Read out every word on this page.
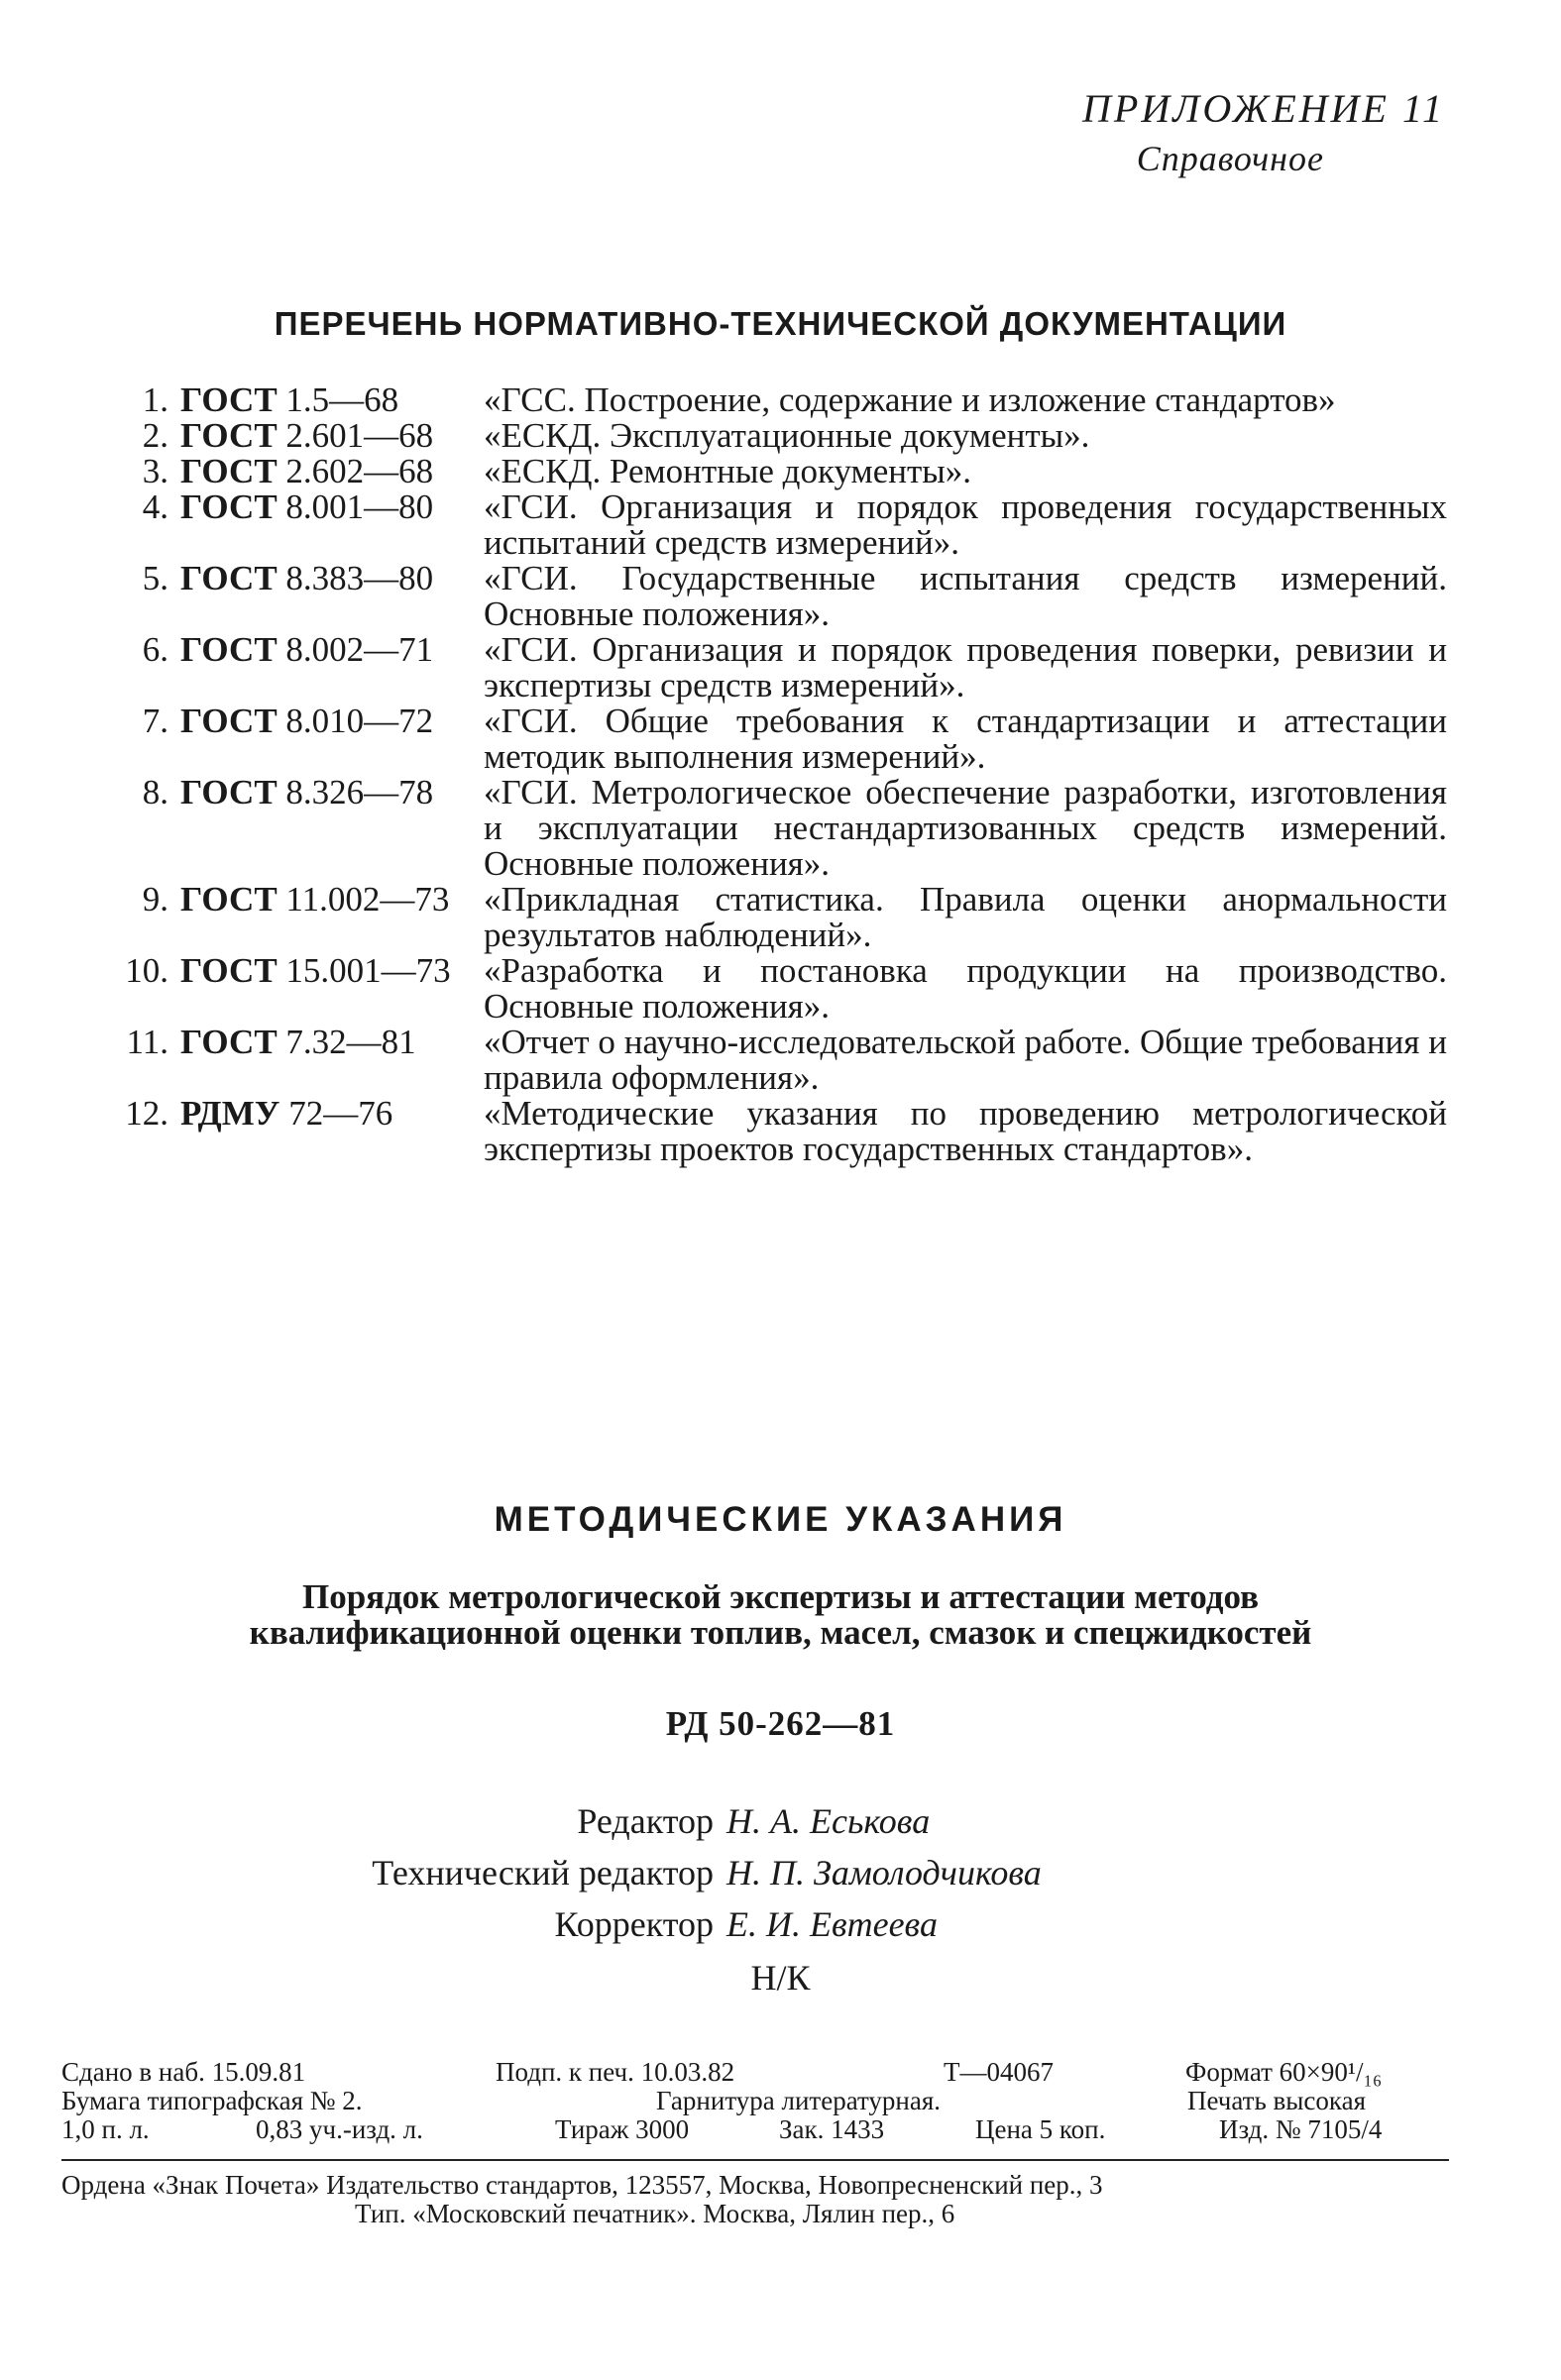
ПРИЛОЖЕНИЕ 11
Справочное
ПЕРЕЧЕНЬ НОРМАТИВНО-ТЕХНИЧЕСКОЙ ДОКУМЕНТАЦИИ
1. ГОСТ 1.5—68	«ГСС. Построение, содержание и изложение стандартов»
2. ГОСТ 2.601—68	«ЕСКД. Эксплуатационные документы».
3. ГОСТ 2.602—68	«ЕСКД. Ремонтные документы».
4. ГОСТ 8.001—80	«ГСИ. Организация и порядок проведения государственных испытаний средств измерений».
5. ГОСТ 8.383—80	«ГСИ. Государственные испытания средств измерений. Основные положения».
6. ГОСТ 8.002—71	«ГСИ. Организация и порядок проведения поверки, ревизии и экспертизы средств измерений».
7. ГОСТ 8.010—72	«ГСИ. Общие требования к стандартизации и аттестации методик выполнения измерений».
8. ГОСТ 8.326—78	«ГСИ. Метрологическое обеспечение разработки, изготовления и эксплуатации нестандартизованных средств измерений. Основные положения».
9. ГОСТ 11.002—73 «Прикладная статистика. Правила оценки анормальности результатов наблюдений».
10. ГОСТ 15.001—73 «Разработка и постановка продукции на производство. Основные положения».
11. ГОСТ 7.32—81	«Отчет о научно-исследовательской работе. Общие требования и правила оформления».
12. РДМУ 72—76	«Методические указания по проведению метрологической экспертизы проектов государственных стандартов».
МЕТОДИЧЕСКИЕ УКАЗАНИЯ
Порядок метрологической экспертизы и аттестации методов
квалификационной оценки топлив, масел, смазок и спецжидкостей
РД 50-262—81
Редактор Н. А. Еськова
Технический редактор Н. П. Замолодчикова
Корректор Е. И. Евтеева
Н/К
Сдано в наб. 15.09.81	Подп. к печ. 10.03.82	Т—04067	Формат 60×90¹/₁₆
Бумага типографская № 2.	Гарнитура литературная.	Печать высокая
1,0 п. л.	0,83 уч.-изд. л.	Тираж 3000	Зак. 1433	Цена 5 коп.	Изд. № 7105/4
Ордена «Знак Почета» Издательство стандартов, 123557, Москва, Новопресненский пер., 3
Тип. «Московский печатник». Москва, Лялин пер., 6
